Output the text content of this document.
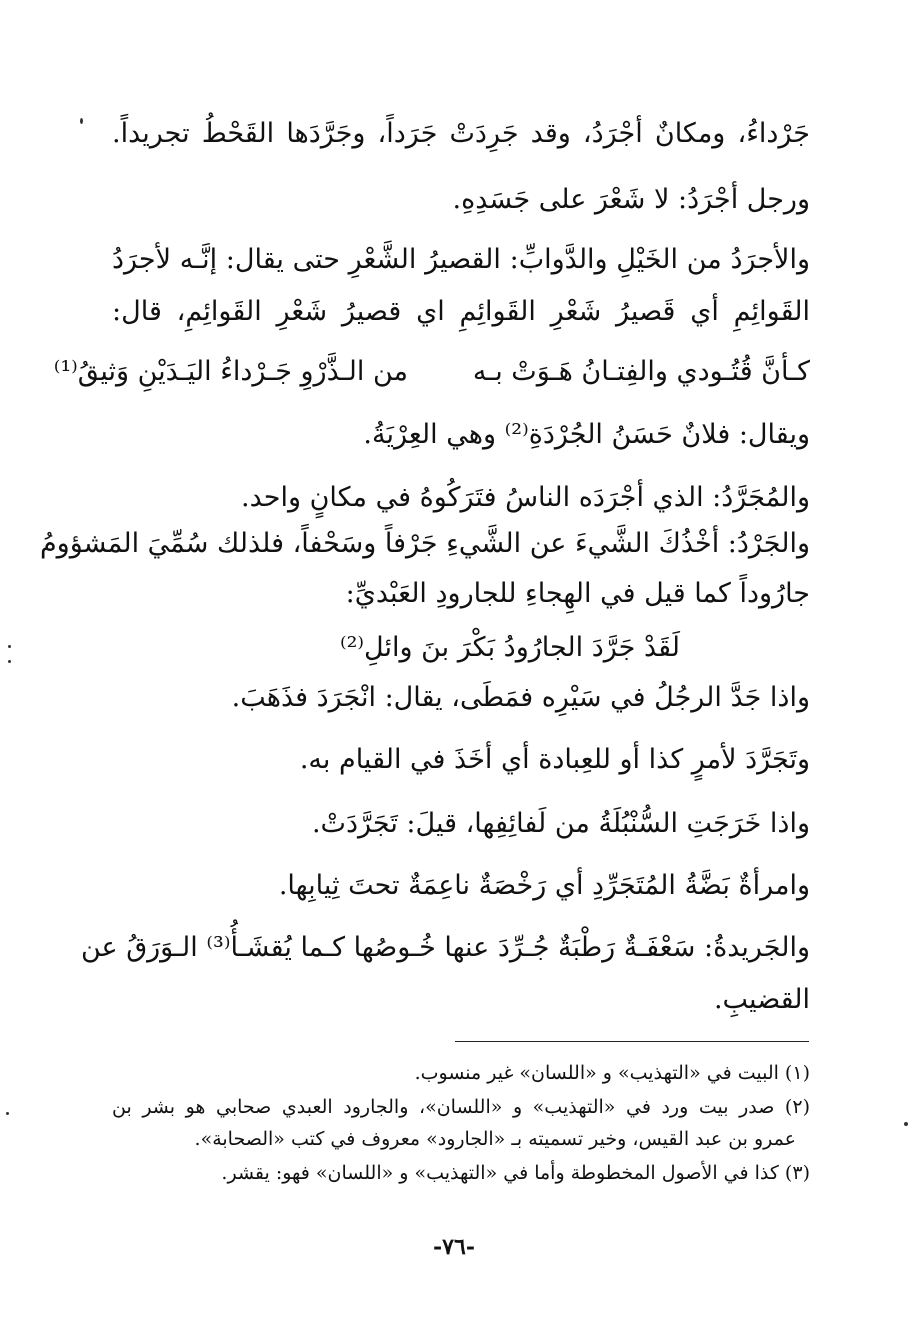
جَرْداءُ، ومكانٌ أجْرَدُ، وقد جَرِدَتْ جَرَداً، وجَرَّدَها القَحْطُ تجريداً.
ورجل أجْرَدُ: لا شَعْرَ على جَسَدِهِ.
والأجرَدُ من الخَيْلِ والدَّوابِّ: القصيرُ الشَّعْرِ حتى يقال: إنَّـه لأجرَدُ
القَوائِمِ أي قَصيرُ شَعْرِ القَوائِمِ اي قصيرُ شَعْرِ القَوائِمِ، قال:
كـأنَّ قُتُـودي والفِتـانُ هَـوَتْ بـه
من الـذَّرْوِ جَـرْداءُ اليَـدَيْنِ وَثيقُ⁽¹⁾
ويقال: فلانٌ حَسَنُ الجُرْدَةِ⁽²⁾ وهي العِرْيَةُ.
والمُجَرَّدُ: الذي أجْرَدَه الناسُ فتَرَكُوهُ في مكانٍ واحد.
والجَرْدُ: أخْذُكَ الشَّيءَ عن الشَّيءِ جَرْفاً وسَحْفاً، فلذلك سُمِّيَ المَشؤومُ
جارُوداً كما قيل في الهِجاءِ للجارودِ العَبْديِّ:
لَقَدْ جَرَّدَ الجارُودُ بَكْرَ بنَ وائلِ⁽²⁾
واذا جَدَّ الرجُلُ في سَيْرِه فمَطَى، يقال: انْجَرَدَ فذَهَبَ.
وتَجَرَّدَ لأمرٍ كذا أو للعِبادة أي أخَذَ في القيام به.
واذا خَرَجَتِ السُّنْبُلَةُ من لَفائِفِها، قيلَ: تَجَرَّدَتْ.
وامرأةٌ بَضَّةُ المُتَجَرِّدِ أي رَخْصَةٌ ناعِمَةٌ تحتَ ثِيابِها.
والجَريدةُ: سَعْفَـةٌ رَطْبَةٌ جُـرِّدَ عنها خُـوصُها كـما يُقشَـأُ⁽³⁾ الـوَرَقُ عن
القضيبِ.
(١) البيت في «التهذيب» و «اللسان» غير منسوب.
(٢) صدر بيت ورد في «التهذيب» و «اللسان»، والجارود العبدي صحابي هو بشر بن
عمرو بن عبد القيس، وخير تسميته بـ «الجارود» معروف في كتب «الصحابة».
(٣) كذا في الأصول المخطوطة وأما في «التهذيب» و «اللسان» فهو: يقشر.
-٧٦-
